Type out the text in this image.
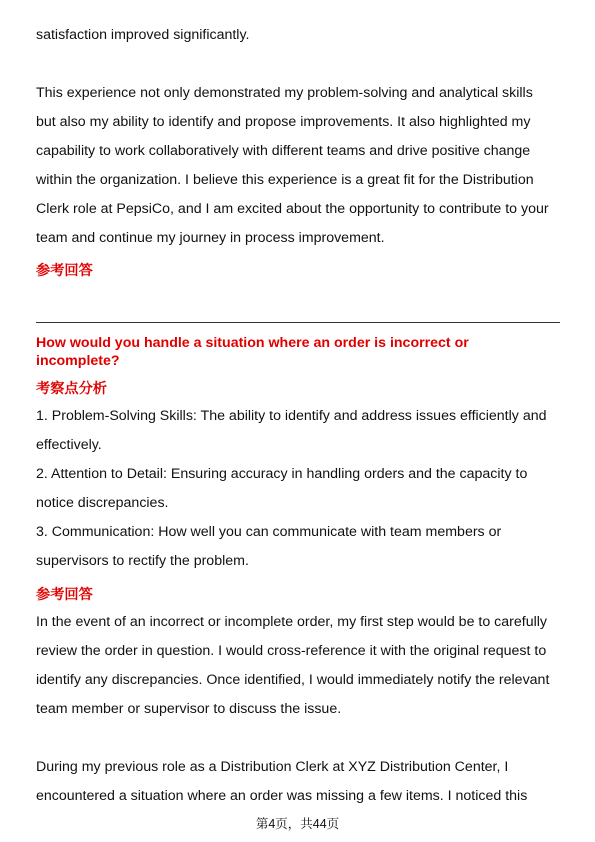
satisfaction improved significantly.
This experience not only demonstrated my problem-solving and analytical skills
but also my ability to identify and propose improvements. It also highlighted my
capability to work collaboratively with different teams and drive positive change
within the organization. I believe this experience is a great fit for the Distribution
Clerk role at PepsiCo, and I am excited about the opportunity to contribute to your
team and continue my journey in process improvement.
参考回答
How would you handle a situation where an order is incorrect or
incomplete?
考察点分析
1. Problem-Solving Skills: The ability to identify and address issues efficiently and
effectively.
2. Attention to Detail: Ensuring accuracy in handling orders and the capacity to
notice discrepancies.
3. Communication: How well you can communicate with team members or
supervisors to rectify the problem.
参考回答
In the event of an incorrect or incomplete order, my first step would be to carefully
review the order in question. I would cross-reference it with the original request to
identify any discrepancies. Once identified, I would immediately notify the relevant
team member or supervisor to discuss the issue.
During my previous role as a Distribution Clerk at XYZ Distribution Center, I
encountered a situation where an order was missing a few items. I noticed this
第4页，共44页
